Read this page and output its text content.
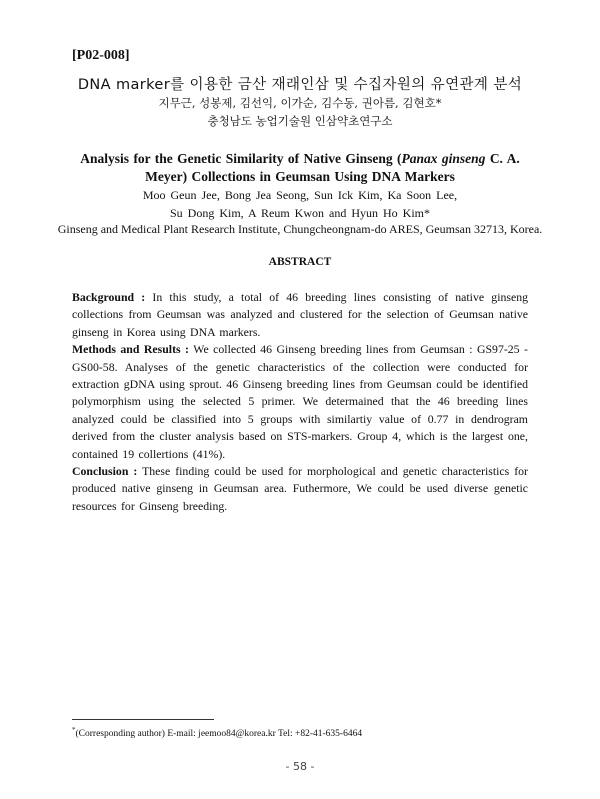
[P02-008]
DNA marker를 이용한 금산 재래인삼 및 수집자원의 유연관계 분석
지무근, 성봉제, 김선익, 이가순, 김수동, 권아름, 김현호*
충청남도 농업기술원 인삼약초연구소
Analysis for the Genetic Similarity of Native Ginseng (Panax ginseng C. A. Meyer) Collections in Geumsan Using DNA Markers
Moo Geun Jee, Bong Jea Seong, Sun Ick Kim, Ka Soon Lee,
Su Dong Kim, A Reum Kwon and Hyun Ho Kim*
Ginseng and Medical Plant Research Institute, Chungcheongnam-do ARES, Geumsan 32713, Korea.
ABSTRACT

Background : In this study, a total of 46 breeding lines consisting of native ginseng collections from Geumsan was analyzed and clustered for the selection of Geumsan native ginseng in Korea using DNA markers.

Methods and Results : We collected 46 Ginseng breeding lines from Geumsan : GS97-25 - GS00-58. Analyses of the genetic characteristics of the collection were conducted for extraction gDNA using sprout. 46 Ginseng breeding lines from Geumsan could be identified polymorphism using the selected 5 primer. We determained that the 46 breeding lines analyzed could be classified into 5 groups with similartiy value of 0.77 in dendrogram derived from the cluster analysis based on STS-markers. Group 4, which is the largest one, contained 19 collertions (41%).

Conclusion : These finding could be used for morphological and genetic characteristics for produced native ginseng in Geumsan area. Futhermore, We could be used diverse genetic resources for Ginseng breeding.

*(Corresponding author) E-mail: jeemoo84@korea.kr Tel: +82-41-635-6464
- 58 -
